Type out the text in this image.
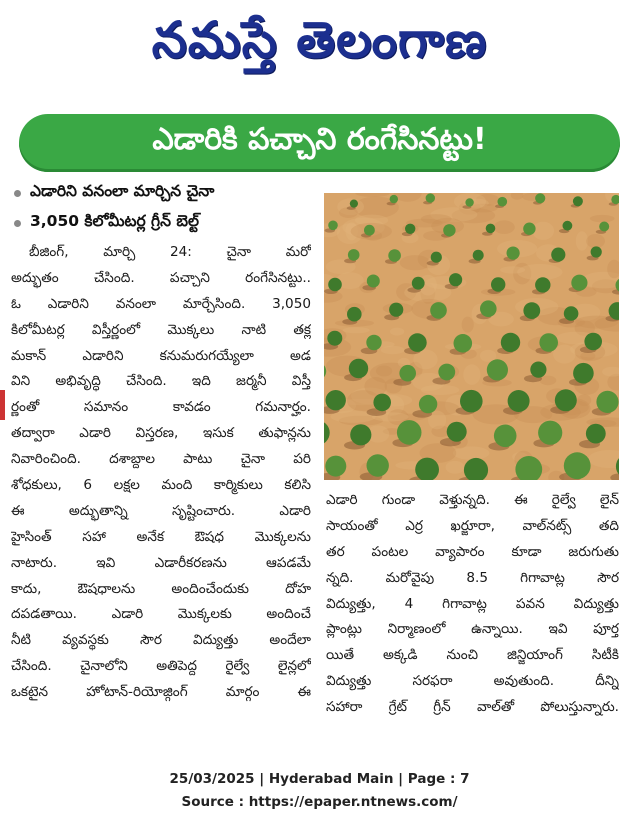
నమస్తే తెలంగాణ
ఎడారికి పచ్చాని రంగేసినట్టు!
ఎడారిని వనంలా మార్చిన చైనా
3,050 కిలోమీటర్ల గ్రీన్ బెల్ట్
బీజింగ్, మార్చి 24: చైనా మరో
అద్భుతం చేసింది. పచ్చాని రంగేసినట్టు..
ఓ ఎడారిని వనంలా మార్చేసింది. 3,050
కిలోమీటర్ల విస్తీర్ణంలో మొక్కలు నాటి తక్ల
మకాన్ ఎడారిని కనుమరుగయ్యేలా అడ
విని అభివృద్ధి చేసింది. ఇది జర్మనీ విస్తీ
ర్ణంతో సమానం కావడం గమనార్హం.
తద్వారా ఎడారి విస్తరణ, ఇసుక తుఫాన్లను
నివారించింది. దశాబ్దాల పాటు చైనా పరి
శోధకులు, 6 లక్షల మంది కార్మికులు కలిసి
ఈ అద్భుతాన్ని సృష్టించారు. ఎడారి
హైసింత్ సహా అనేక ఔషధ మొక్కలను
నాటారు. ఇవి ఎడారీకరణను ఆపడమే
కాదు, ఔషధాలను అందించేందుకు దోహ
దపడతాయి. ఎడారి మొక్కలకు అందించే
నీటి వ్యవస్థకు సౌర విద్యుత్తు అందేలా
చేసింది. చైనాలోని అతిపెద్ద రైల్వే లైన్లలో
ఒకటైన హోటాన్-రియోజ్గింగ్ మార్గం ఈ
ఎడారి గుండా వెళ్తున్నది. ఈ రైల్వే లైన్
సాయంతో ఎర్ర ఖర్జూరా, వాల్‌నట్స్ తది
తర పంటల వ్యాపారం కూడా జరుగుతు
న్నది. మరోవైపు 8.5 గిగావాట్ల సౌర
విద్యుత్తు, 4 గిగావాట్ల పవన విద్యుత్తు
ప్లాంట్లు నిర్మాణంలో ఉన్నాయి. ఇవి పూర్త
యితే అక్కడి నుంచి జిన్జియాంగ్ సిటీకి
విద్యుత్తు సరఫరా అవుతుంది. దీన్ని
సహారా గ్రేట్ గ్రీన్ వాల్‌తో పోలుస్తున్నారు.
25/03/2025 | Hyderabad Main | Page : 7
Source : https://epaper.ntnews.com/
